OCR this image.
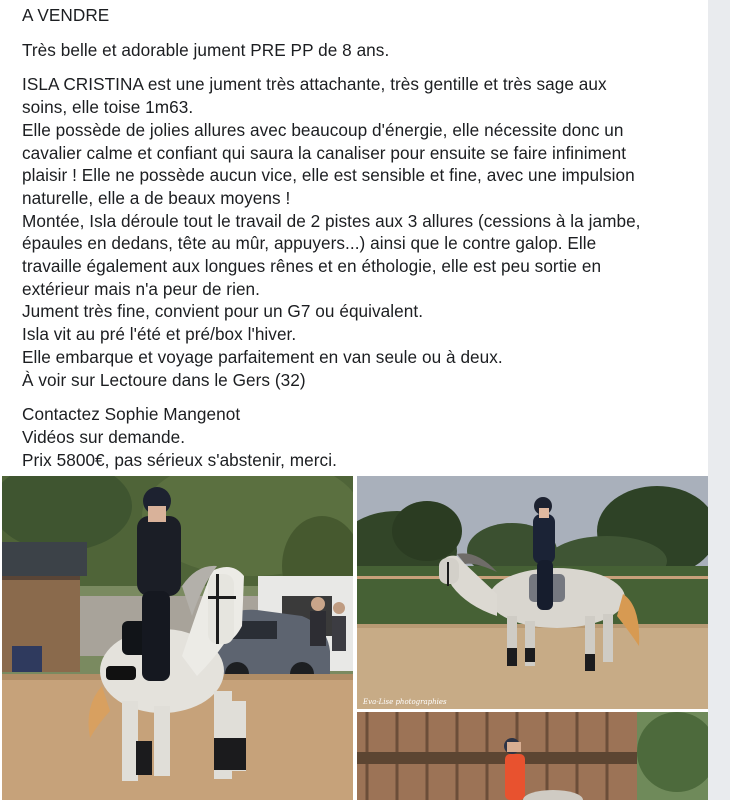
A VENDRE

Très belle et adorable jument PRE PP de 8 ans.

ISLA CRISTINA est une jument très attachante, très gentille et très sage aux
soins, elle toise 1m63.
Elle possède de jolies allures avec beaucoup d'énergie, elle nécessite donc un
cavalier calme et confiant qui saura la canaliser pour ensuite se faire infiniment
plaisir ! Elle ne possède aucun vice, elle est sensible et fine, avec une impulsion
naturelle, elle a de beaux moyens !
Montée, Isla déroule tout le travail de 2 pistes aux 3 allures (cessions à la jambe,
épaules en dedans, tête au mûr, appuyers...) ainsi que le contre galop. Elle
travaille également aux longues rênes et en éthologie, elle est peu sortie en
extérieur mais n'a peur de rien.
Jument très fine, convient pour un G7 ou équivalent.
Isla vit au pré l'été et pré/box l'hiver.
Elle embarque et voyage parfaitement en van seule ou à deux.
À voir sur Lectoure dans le Gers (32)
Contactez Sophie Mangenot
Vidéos sur demande.
Prix 5800€, pas sérieux s'abstenir, merci.
Eva-Lise photographies
